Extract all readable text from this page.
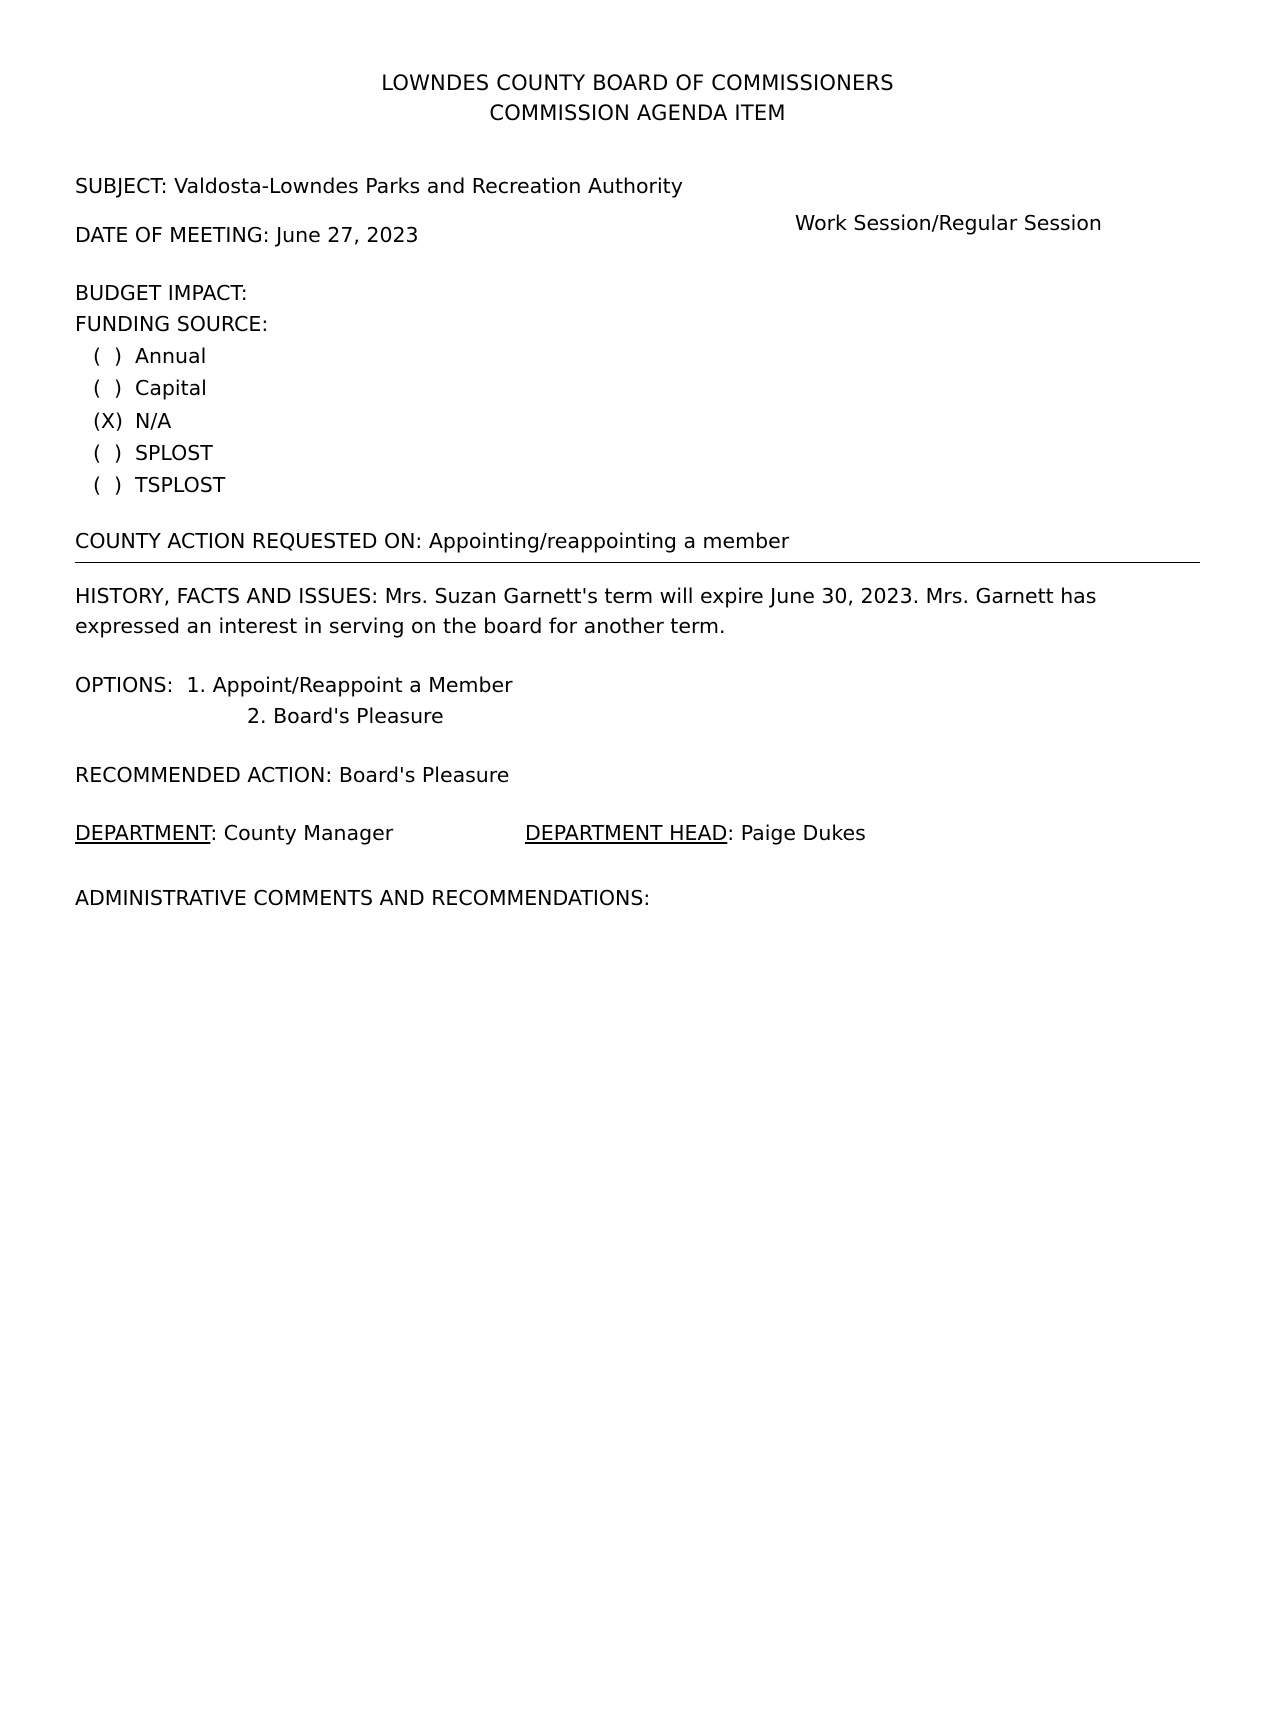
LOWNDES COUNTY BOARD OF COMMISSIONERS
COMMISSION AGENDA ITEM
SUBJECT: Valdosta-Lowndes Parks and Recreation Authority
DATE OF MEETING: June 27, 2023	Work Session/Regular Session
BUDGET IMPACT:
FUNDING SOURCE:
(  ) Annual
(  ) Capital
(X) N/A
(  ) SPLOST
(  ) TSPLOST
COUNTY ACTION REQUESTED ON: Appointing/reappointing a member

HISTORY, FACTS AND ISSUES: Mrs. Suzan Garnett's term will expire June 30, 2023. Mrs. Garnett has expressed an interest in serving on the board for another term.

OPTIONS: 1. Appoint/Reappoint a Member
2. Board's Pleasure
RECOMMENDED ACTION: Board's Pleasure
DEPARTMENT: County Manager	DEPARTMENT HEAD: Paige Dukes
ADMINISTRATIVE COMMENTS AND RECOMMENDATIONS:
